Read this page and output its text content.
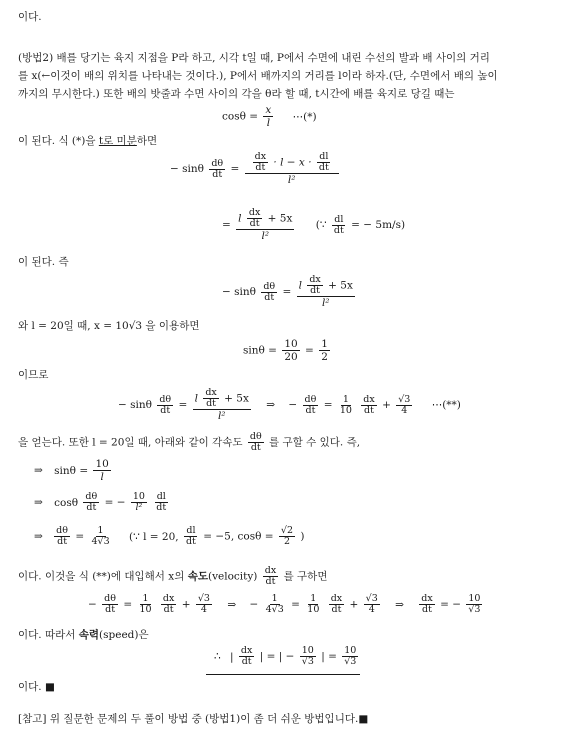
이다.
(방법2) 배를 당기는 육지 지점을 P라 하고, 시각 t일 때, P에서 수면에 내린 수선의 발과 배 사이의 거리
를 x(←이것이 배의 위치를 나타내는 것이다.), P에서 배까지의 거리를 l이라 하자.(단, 수면에서 배의 높이
까지의 무시한다.) 또한 배의 밧줄과 수면 사이의 각을 θ라 할 때, t시간에 배를 육지로 당길 때는
$\cos\theta = \frac{x}{l}$ ⋯(*)
이 된다. 식 (*)을 t로 미분하면
− sinθ $\frac{d\theta}{dt} = \frac{\frac{dx}{dt} \cdot l - x \cdot \frac{dl}{dt}}{\text{l²}}$
= $\frac{l \frac{dx}{dt} + 5x}{\text{l²}}$ (∵ $\frac{dl}{dt}$ = − 5m/s)
이 된다. 즉
− sinθ $\frac{d\theta}{dt} = \frac{l \frac{dx}{dt} + 5x}{\text{l²}}$
와 l = 20일 때, x = 10√3 을 이용하면
$\sin\theta = \frac{10}{20} = \frac{1}{2}$
이므로
− sinθ $\frac{d\theta}{dt} = \frac{l \frac{dx}{dt} + 5x}{\text{l²}}$ ⇒ − $\frac{d\theta}{dt} = \frac{1}{10}$
$\frac{dx}{dt} + \frac{√3}{4}$ ⋯(**)
을 얻는다. 또한 l = 20일 때, 아래와 같이 각속도 $\frac{d\theta}{dt}$ 를 구할 수 있다. 즉,
⇒ $\sin\theta = \frac{10}{l}$
⇒ cosθ $\frac{d\theta}{dt}$ = − $\frac{10}{\text{l²}}$
$\frac{dl}{dt}$
⇒ $\frac{d\theta}{dt} = \frac{1}{4√3}$ (∵ l = 20, $\frac{dl}{dt} = -5$, $\cos\theta = \frac{√2}{2}$ )
이다. 이것을 식 (**)에 대입해서 x의 속도(velocity) $\frac{dx}{dt}$ 를 구하면
− $\frac{d\theta}{dt} = \frac{1}{10}$
$\frac{dx}{dt} + \frac{√3}{4}$ ⇒ − $\frac{1}{4√3} = \frac{1}{10}$
$\frac{dx}{dt} + \frac{√3}{4}$ ⇒ $\frac{dx}{dt}$ = − $\frac{10}{√3}$
이다. 따라서 속력(speed)은
∴ | $\frac{dx}{dt}$ | = | − $\frac{10}{√3}$ | = $\frac{10}{√3}$
이다. ■
[참고] 위 질문한 문제의 두 풀이 방법 중 (방법1)이 좀 더 쉬운 방법입니다.■
